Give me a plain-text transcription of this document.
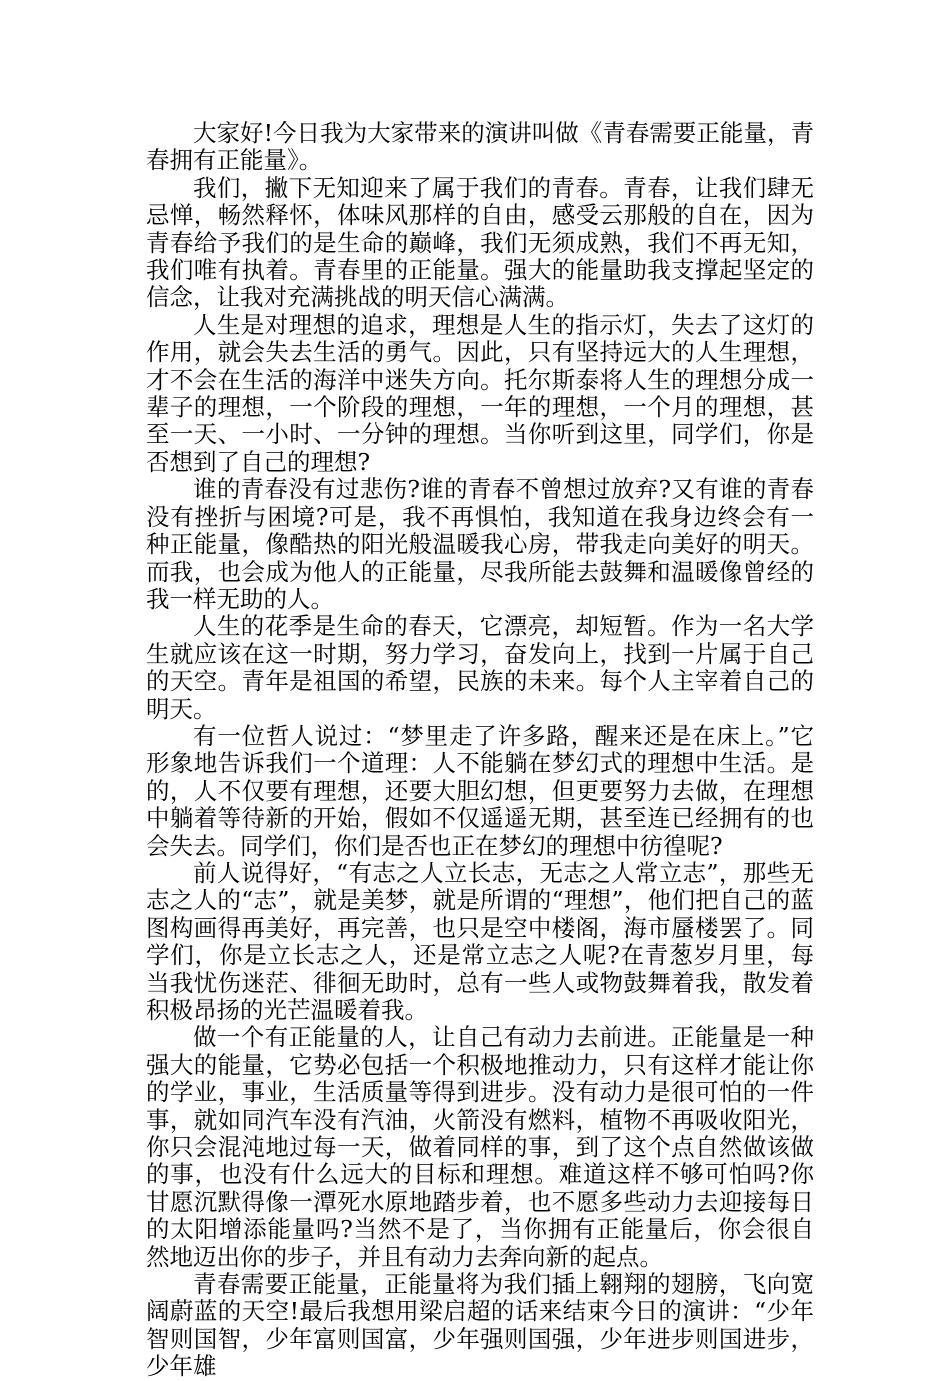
大家好!今日我为大家带来的演讲叫做《青春需要正能量，青春拥有正能量》。

我们，撇下无知迎来了属于我们的青春。青春，让我们肆无忌惮，畅然释怀，体味风那样的自由，感受云那般的自在，因为青春给予我们的是生命的巅峰，我们无须成熟，我们不再无知，我们唯有执着。青春里的正能量。强大的能量助我支撑起坚定的信念，让我对充满挑战的明天信心满满。

人生是对理想的追求，理想是人生的指示灯，失去了这灯的作用，就会失去生活的勇气。因此，只有坚持远大的人生理想，才不会在生活的海洋中迷失方向。托尔斯泰将人生的理想分成一辈子的理想，一个阶段的理想，一年的理想，一个月的理想，甚至一天、一小时、一分钟的理想。当你听到这里，同学们，你是否想到了自己的理想?

谁的青春没有过悲伤?谁的青春不曾想过放弃?又有谁的青春没有挫折与困境?可是，我不再惧怕，我知道在我身边终会有一种正能量，像酷热的阳光般温暖我心房，带我走向美好的明天。而我，也会成为他人的正能量，尽我所能去鼓舞和温暖像曾经的我一样无助的人。

人生的花季是生命的春天，它漂亮，却短暂。作为一名大学生就应该在这一时期，努力学习，奋发向上，找到一片属于自己的天空。青年是祖国的希望，民族的未来。每个人主宰着自己的明天。

有一位哲人说过：“梦里走了许多路，醒来还是在床上。”它形象地告诉我们一个道理：人不能躺在梦幻式的理想中生活。是的，人不仅要有理想，还要大胆幻想，但更要努力去做，在理想中躺着等待新的开始，假如不仅遥遥无期，甚至连已经拥有的也会失去。同学们，你们是否也正在梦幻的理想中彷徨呢?

前人说得好，“有志之人立长志，无志之人常立志”，那些无志之人的“志”，就是美梦，就是所谓的“理想”，他们把自己的蓝图构画得再美好，再完善，也只是空中楼阁，海市蜃楼罢了。同学们，你是立长志之人，还是常立志之人呢?在青葱岁月里，每当我忧伤迷茫、徘徊无助时，总有一些人或物鼓舞着我，散发着积极昂扬的光芒温暖着我。

做一个有正能量的人，让自己有动力去前进。正能量是一种强大的能量，它势必包括一个积极地推动力，只有这样才能让你的学业，事业，生活质量等得到进步。没有动力是很可怕的一件事，就如同汽车没有汽油，火箭没有燃料，植物不再吸收阳光，你只会混沌地过每一天，做着同样的事，到了这个点自然做该做的事，也没有什么远大的目标和理想。难道这样不够可怕吗?你甘愿沉默得像一潭死水原地踏步着，也不愿多些动力去迎接每日的太阳增添能量吗?当然不是了，当你拥有正能量后，你会很自然地迈出你的步子，并且有动力去奔向新的起点。

青春需要正能量，正能量将为我们插上翱翔的翅膀，飞向宽阔蔚蓝的天空!最后我想用梁启超的话来结束今日的演讲：“少年智则国智，少年富则国富，少年强则国强，少年进步则国进步，少年雄
